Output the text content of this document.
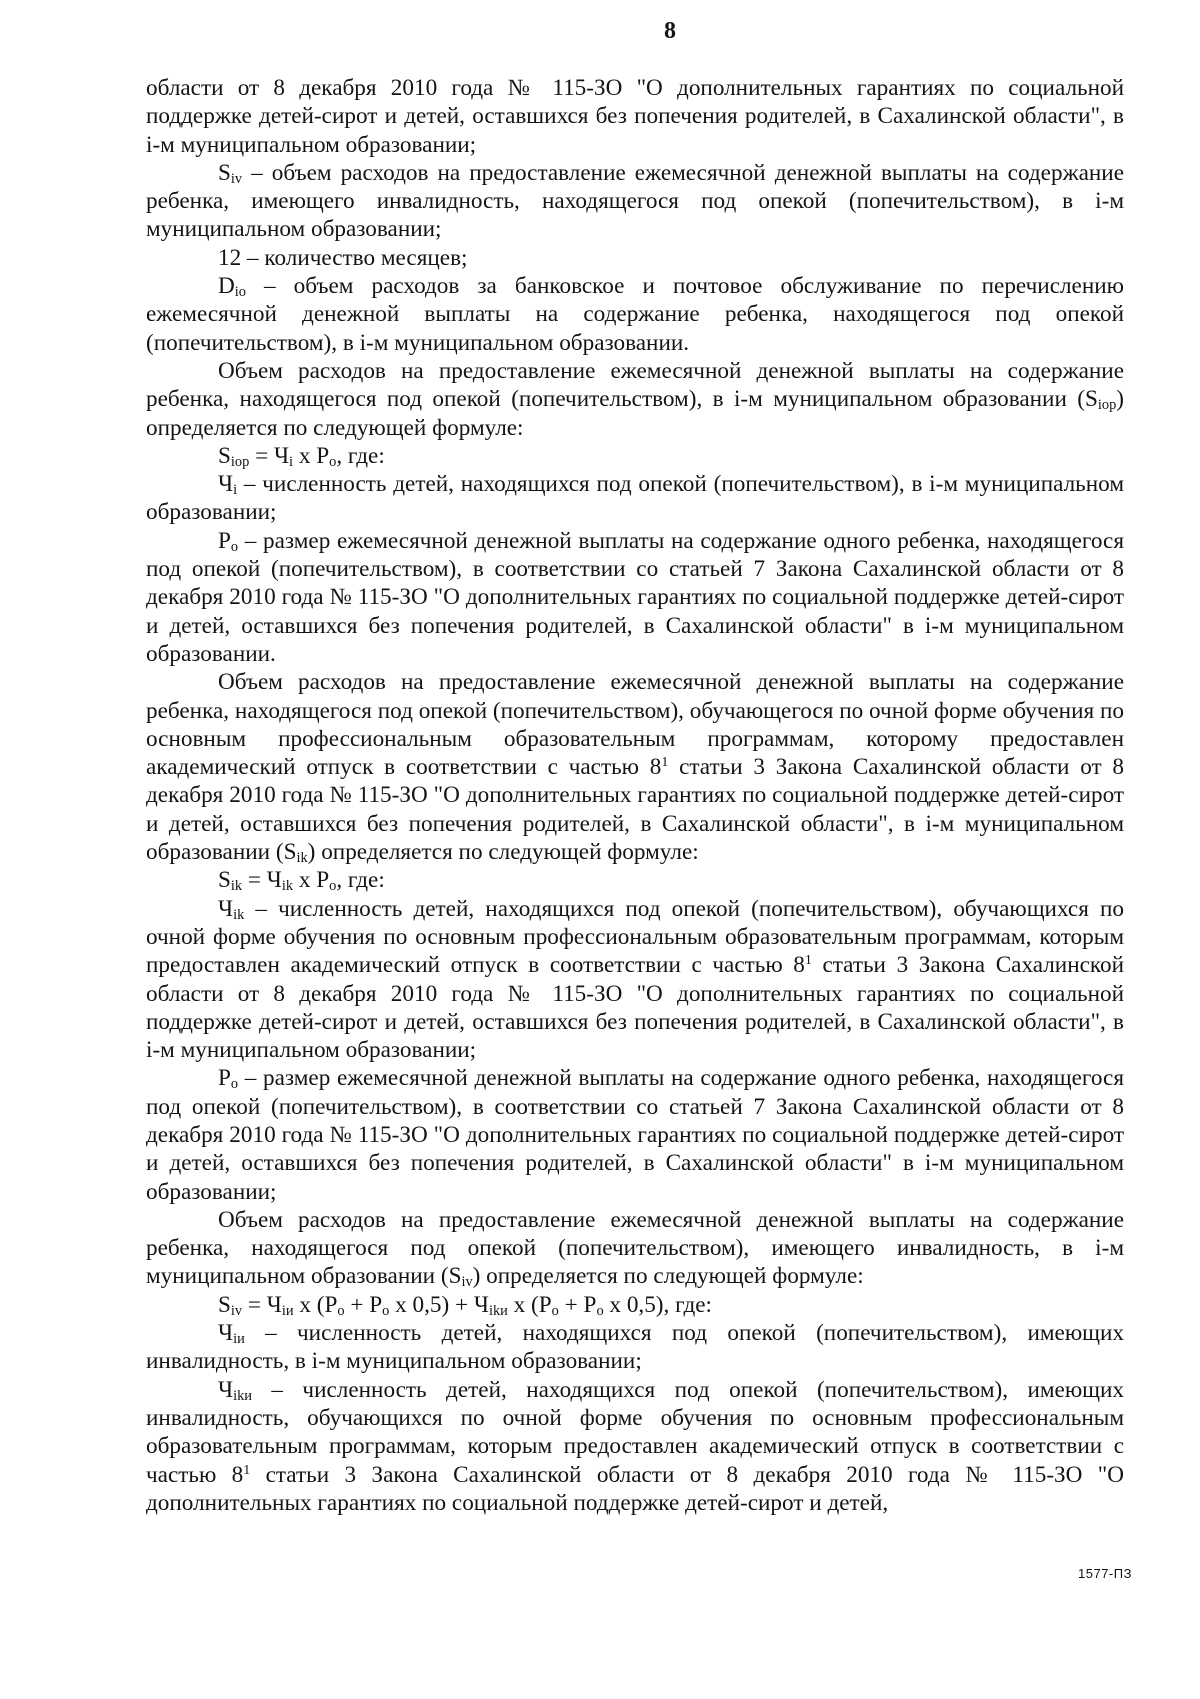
8

области от 8 декабря 2010 года № 115-ЗО "О дополнительных гарантиях по социальной поддержке детей-сирот и детей, оставшихся без попечения родителей, в Сахалинской области", в i-м муниципальном образовании;

$S_{iv}$ – объем расходов на предоставление ежемесячной денежной выплаты на содержание ребенка, имеющего инвалидность, находящегося под опекой (попечительством), в i-м муниципальном образовании;

12 – количество месяцев;

$D_{io}$ – объем расходов за банковское и почтовое обслуживание по перечислению ежемесячной денежной выплаты на содержание ребенка, находящегося под опекой (попечительством), в i-м муниципальном образовании.

Объем расходов на предоставление ежемесячной денежной выплаты на содержание ребенка, находящегося под опекой (попечительством), в i-м муниципальном образовании $(S_{iop})$ определяется по следующей формуле:

$S_{iop} = Ч_i$ x $P_o$, где:

$Ч_i$ – численность детей, находящихся под опекой (попечительством), в i-м муниципальном образовании;

$P_o$ – размер ежемесячной денежной выплаты на содержание одного ребенка, находящегося под опекой (попечительством), в соответствии со статьей 7 Закона Сахалинской области от 8 декабря 2010 года № 115-ЗО "О дополнительных гарантиях по социальной поддержке детей-сирот и детей, оставшихся без попечения родителей, в Сахалинской области" в i-м муниципальном образовании.

Объем расходов на предоставление ежемесячной денежной выплаты на содержание ребенка, находящегося под опекой (попечительством), обучающегося по очной форме обучения по основным профессиональным образовательным программам, которому предоставлен академический отпуск в соответствии с частью $8^1$ статьи 3 Закона Сахалинской области от 8 декабря 2010 года № 115-ЗО "О дополнительных гарантиях по социальной поддержке детей-сирот и детей, оставшихся без попечения родителей, в Сахалинской области", в i-м муниципальном образовании $(S_{ik})$ определяется по следующей формуле:

$S_{ik} = Ч_{ik}$ x $P_o$, где:

$Ч_{ik}$ – численность детей, находящихся под опекой (попечительством), обучающихся по очной форме обучения по основным профессиональным образовательным программам, которым предоставлен академический отпуск в соответствии с частью $8^1$ статьи 3 Закона Сахалинской области от 8 декабря 2010 года № 115-ЗО "О дополнительных гарантиях по социальной поддержке детей-сирот и детей, оставшихся без попечения родителей, в Сахалинской области", в i-м муниципальном образовании;

$P_o$ – размер ежемесячной денежной выплаты на содержание одного ребенка, находящегося под опекой (попечительством), в соответствии со статьей 7 Закона Сахалинской области от 8 декабря 2010 года № 115-ЗО "О дополнительных гарантиях по социальной поддержке детей-сирот и детей, оставшихся без попечения родителей, в Сахалинской области" в i-м муниципальном образовании;

Объем расходов на предоставление ежемесячной денежной выплаты на содержание ребенка, находящегося под опекой (попечительством), имеющего инвалидность, в i-м муниципальном образовании $(S_{iv})$ определяется по следующей формуле:

$S_{iv} = Ч_{iи}$ x ($P_o + P_o$ x $0,5) + Ч_{ikи}$ x ($P_o + P_o$ x 0,5), где:

$Ч_{iи}$ – численность детей, находящихся под опекой (попечительством), имеющих инвалидность, в i-м муниципальном образовании;

$Ч_{ikи}$ – численность детей, находящихся под опекой (попечительством), имеющих инвалидность, обучающихся по очной форме обучения по основным профессиональным образовательным программам, которым предоставлен академический отпуск в соответствии с частью $8^1$ статьи 3 Закона Сахалинской области от 8 декабря 2010 года № 115-ЗО "О дополнительных гарантиях по социальной поддержке детей-сирот и детей,

1577-ПЗ
